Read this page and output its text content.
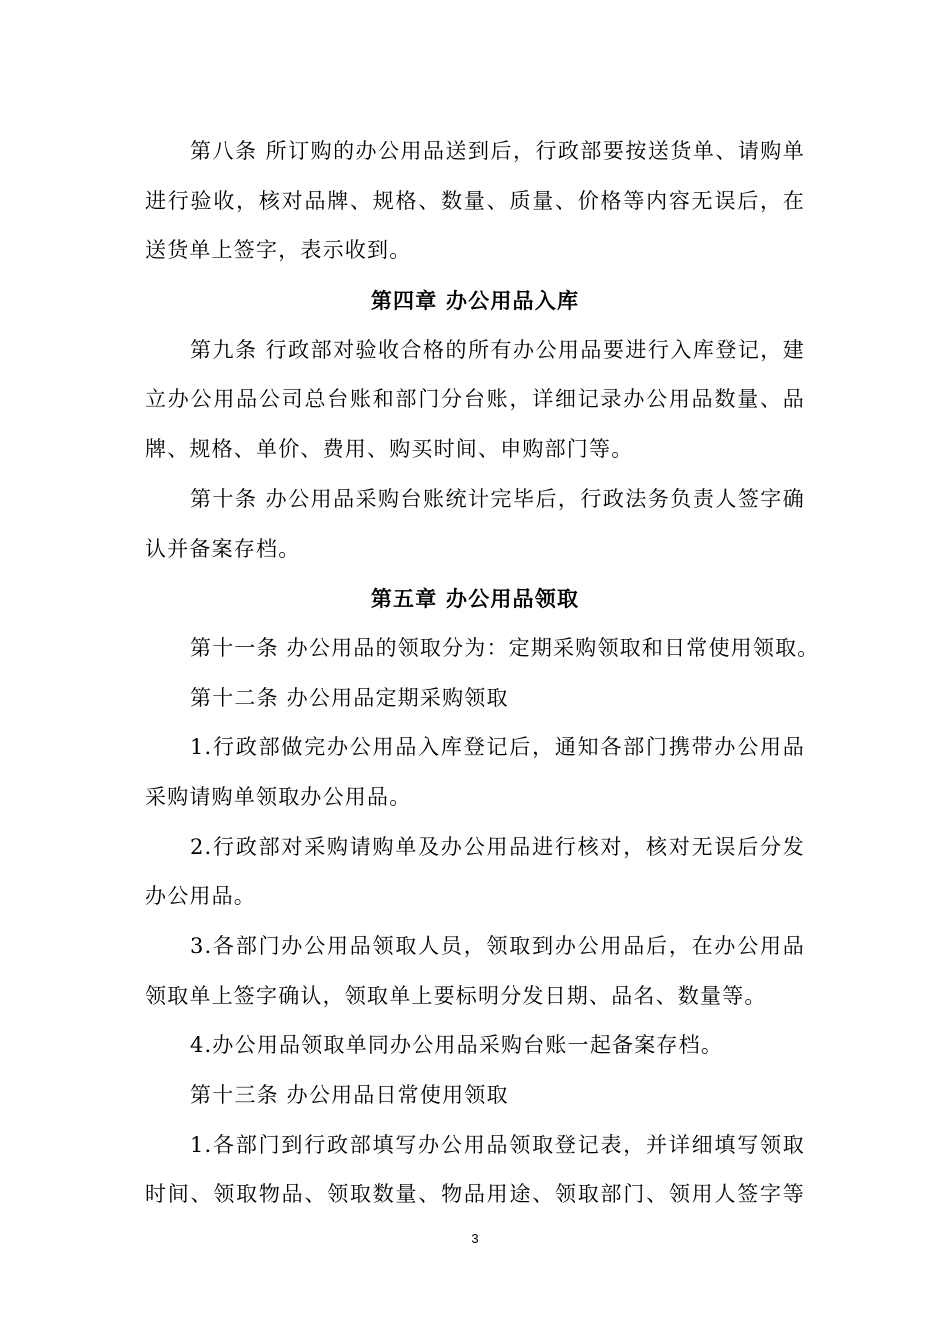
第八条 所订购的办公用品送到后，行政部要按送货单、请购单
进行验收，核对品牌、规格、数量、质量、价格等内容无误后，在
送货单上签字，表示收到。
第四章 办公用品入库
第九条 行政部对验收合格的所有办公用品要进行入库登记，建
立办公用品公司总台账和部门分台账，详细记录办公用品数量、品
牌、规格、单价、费用、购买时间、申购部门等。
第十条 办公用品采购台账统计完毕后，行政法务负责人签字确
认并备案存档。
第五章 办公用品领取
第十一条 办公用品的领取分为：定期采购领取和日常使用领取。
第十二条 办公用品定期采购领取
1.行政部做完办公用品入库登记后，通知各部门携带办公用品
采购请购单领取办公用品。
2.行政部对采购请购单及办公用品进行核对，核对无误后分发
办公用品。
3.各部门办公用品领取人员，领取到办公用品后，在办公用品
领取单上签字确认，领取单上要标明分发日期、品名、数量等。
4.办公用品领取单同办公用品采购台账一起备案存档。
第十三条 办公用品日常使用领取
1.各部门到行政部填写办公用品领取登记表，并详细填写领取
时间、领取物品、领取数量、物品用途、领取部门、领用人签字等
3
